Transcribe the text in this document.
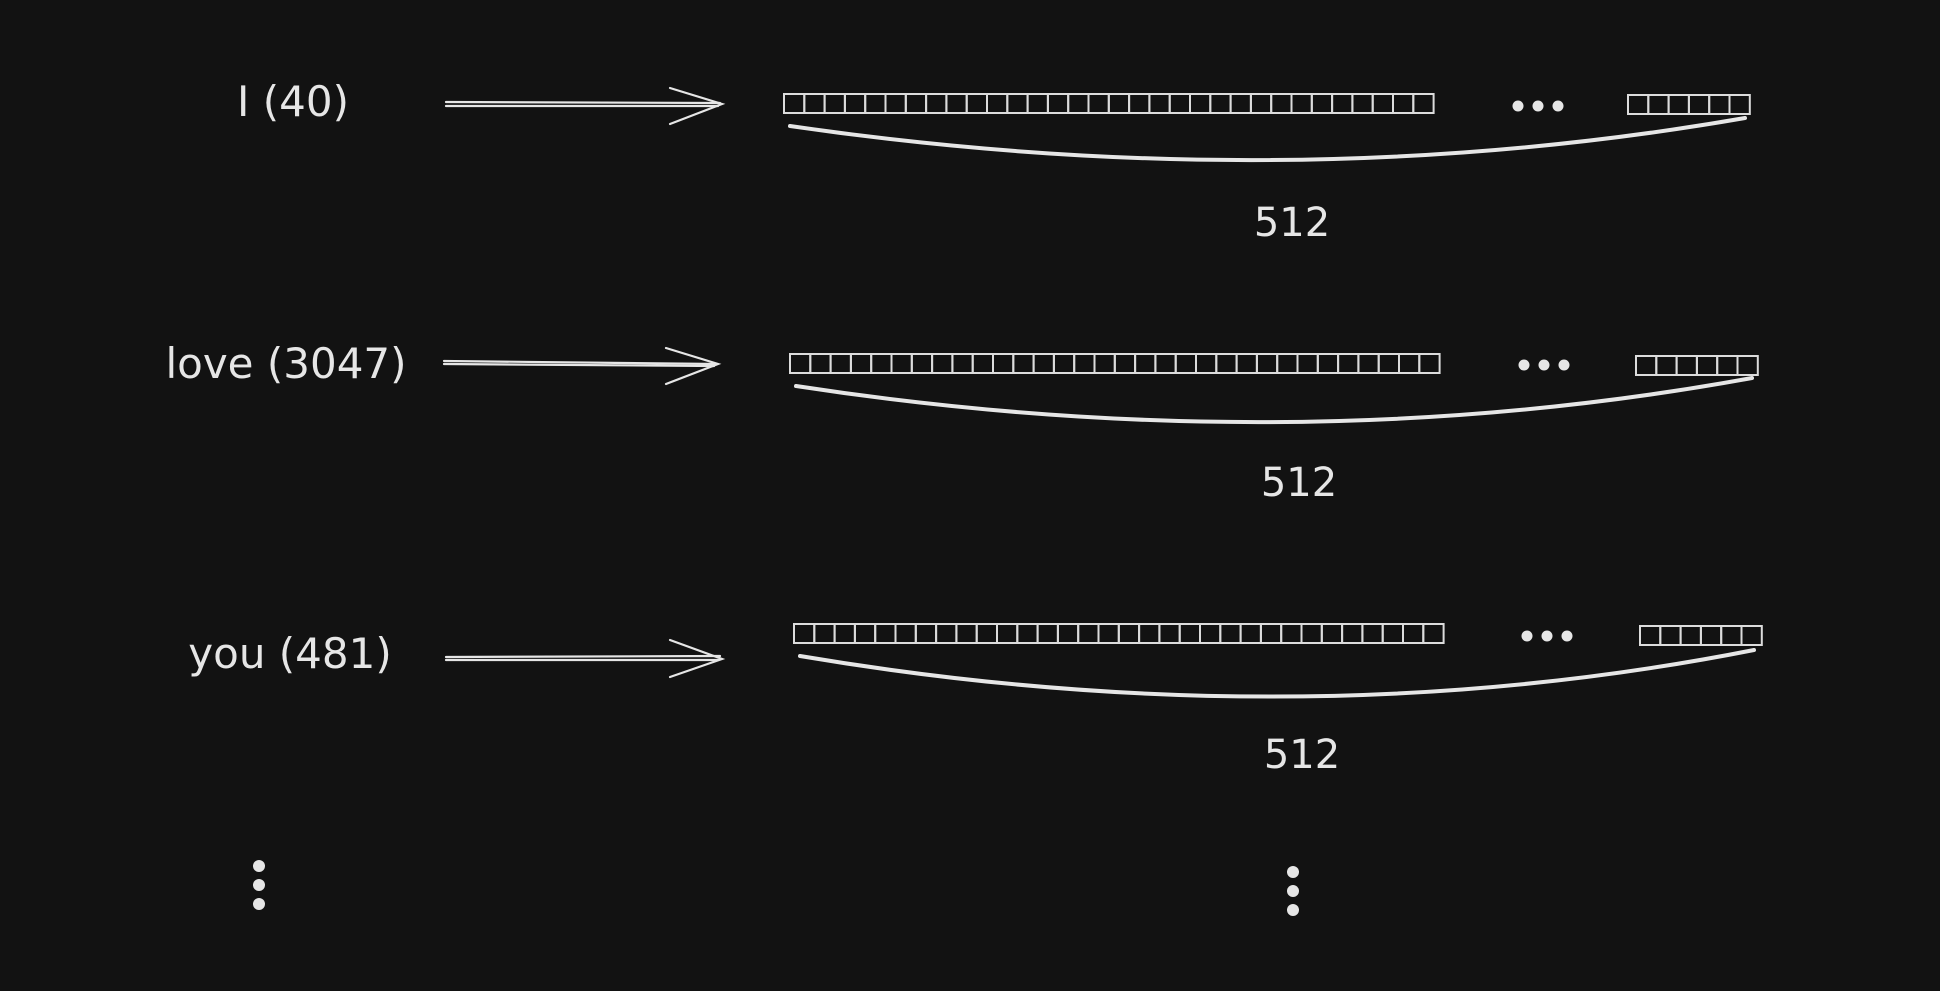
I (40)
512
love (3047)
512
you (481)
512
